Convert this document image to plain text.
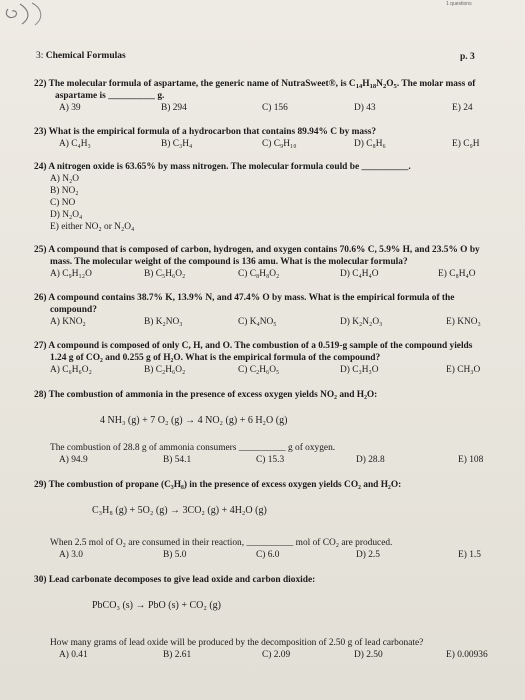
1 questions
3: Chemical Formulas	p. 3
22) The molecular formula of aspartame, the generic name of NutraSweet®, is $C_{14}H_{18}N_2O_5$. The molar mass of
aspartame is __________ g.
A) 39	B) 294	C) 156	D) 43	E) 24
23) What is the empirical formula of a hydrocarbon that contains 89.94% C by mass?
A) C₄H₃	B) C₃H₄	C) C₉H₁₀	D) C₈H₆	E) C₉H
24) A nitrogen oxide is 63.65% by mass nitrogen. The molecular formula could be __________.
A) N₂O
B) NO₂
C) NO
D) N₂O₄
E) either NO₂ or N₂O₄
25) A compound that is composed of carbon, hydrogen, and oxygen contains 70.6% C, 5.9% H, and 23.5% O by
mass. The molecular weight of the compound is 136 amu. What is the molecular formula?
A) C₉H₁₂O	B) C₅H₆O₂	C) C₈H₈O₂	D) C₄H₄O	E) C₈H₄O
26) A compound contains 38.7% K, 13.9% N, and 47.4% O by mass. What is the empirical formula of the
compound?
A) KNO₂	B) K₂NO₃	C) K₄NO₅	D) K₂N₂O₃	E) KNO₃
27) A compound is composed of only C, H, and O. The combustion of a 0.519-g sample of the compound yields
1.24 g of CO₂ and 0.255 g of H₂O. What is the empirical formula of the compound?
A) C₆H₆O₂	B) C₂H₆O₂	C) C₂H₆O₅	D) C₃H₃O	E) CH₃O
28) The combustion of ammonia in the presence of excess oxygen yields NO₂ and H₂O:
4 NH₃ (g) + 7 O₂ (g) → 4 NO₂ (g) + 6 H₂O (g)
The combustion of 28.8 g of ammonia consumers __________ g of oxygen.
A) 94.9	B) 54.1	C) 15.3	D) 28.8	E) 108
29) The combustion of propane (C₃H₈) in the presence of excess oxygen yields CO₂ and H₂O:
C₃H₈ (g) + 5O₂ (g) → 3CO₂ (g) + 4H₂O (g)
When 2.5 mol of O₂ are consumed in their reaction, __________ mol of CO₂ are produced.
A) 3.0	B) 5.0	C) 6.0	D) 2.5	E) 1.5
30) Lead carbonate decomposes to give lead oxide and carbon dioxide:
PbCO₃ (s) → PbO (s) + CO₂ (g)
How many grams of lead oxide will be produced by the decomposition of 2.50 g of lead carbonate?
A) 0.41	B) 2.61	C) 2.09	D) 2.50	E) 0.00936
